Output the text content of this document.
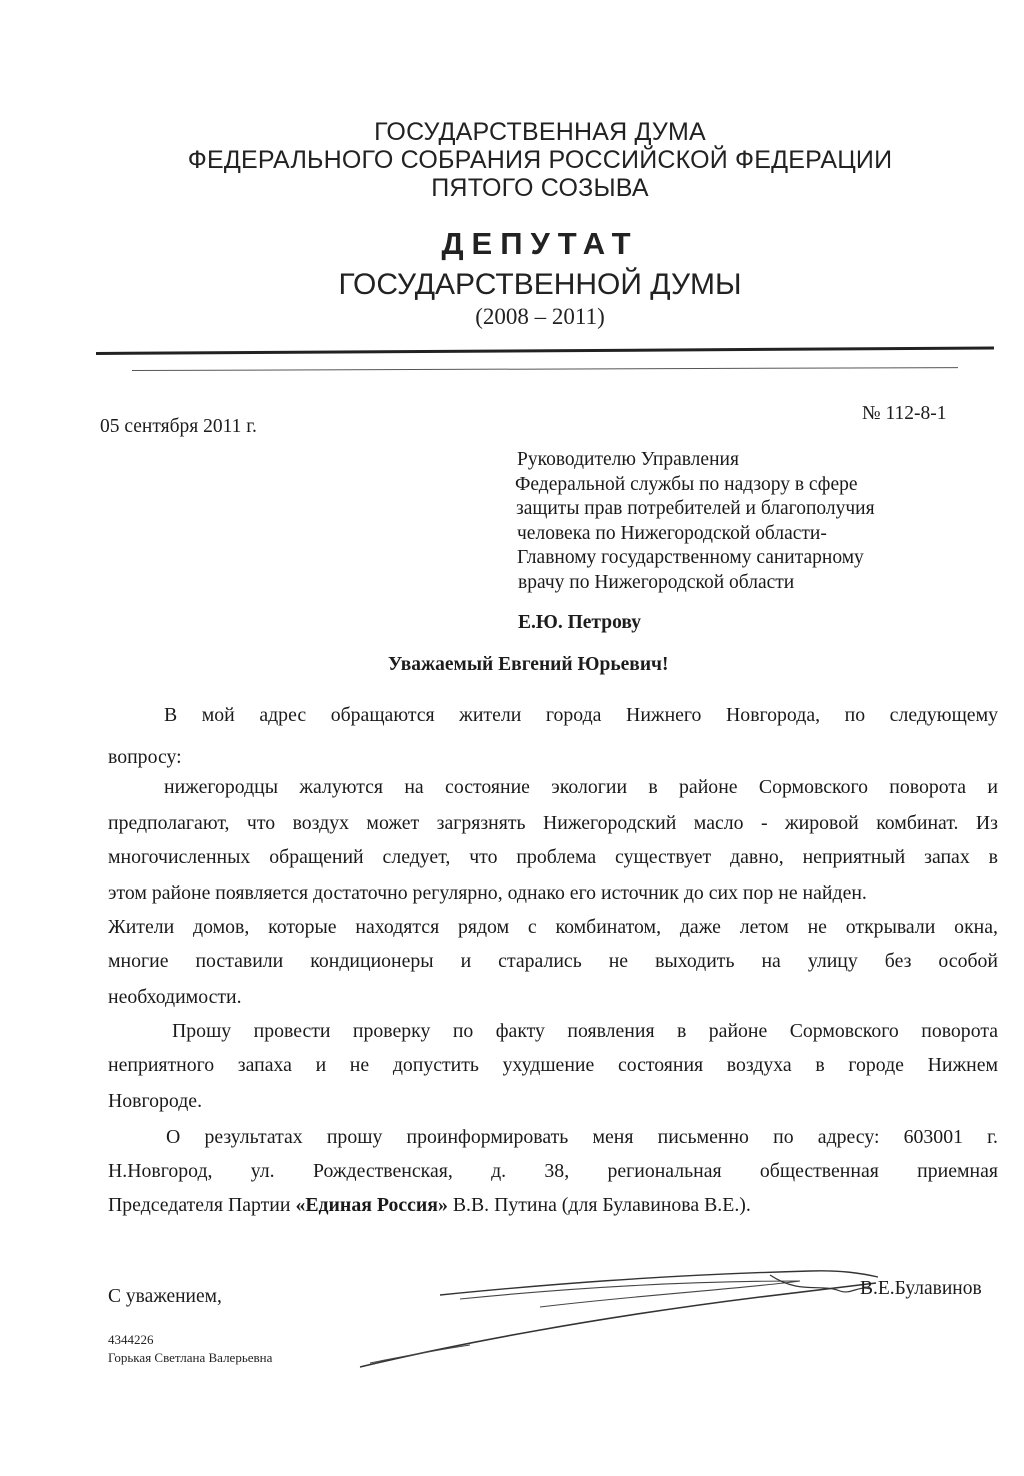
ГОСУДАРСТВЕННАЯ ДУМА
ФЕДЕРАЛЬНОГО СОБРАНИЯ РОССИЙСКОЙ ФЕДЕРАЦИИ
ПЯТОГО СОЗЫВА
ДЕПУТАТ
ГОСУДАРСТВЕННОЙ ДУМЫ
(2008 – 2011)
05 сентября 2011 г.
№ 112-8-1
Руководителю Управления
Федеральной службы по надзору в сфере
защиты прав потребителей и благополучия
человека по Нижегородской области-
Главному государственному санитарному
врачу по Нижегородской области
Е.Ю. Петрову
Уважаемый Евгений Юрьевич!
В мой адрес обращаются жители города Нижнего Новгорода, по следующему
вопросу:
нижегородцы жалуются на состояние экологии в районе Сормовского поворота и
предполагают, что воздух может загрязнять Нижегородский масло - жировой комбинат. Из
многочисленных обращений следует, что проблема существует давно, неприятный запах в
этом районе появляется достаточно регулярно, однако его источник до сих пор не найден.
Жители домов, которые находятся рядом с комбинатом, даже летом не открывали окна,
многие поставили кондиционеры и старались не выходить на улицу без особой
необходимости.
Прошу провести проверку по факту появления в районе Сормовского поворота
неприятного запаха и не допустить ухудшение состояния воздуха в городе Нижнем
Новгороде.
О результатах прошу проинформировать меня письменно по адресу: 603001 г.
Н.Новгород, ул. Рождественская, д. 38, региональная общественная приемная
Председателя Партии «Единая Россия» В.В. Путина (для Булавинова В.Е.).
С уважением,	В.Е.Булавинов
4344226
Горькая Светлана Валерьевна
